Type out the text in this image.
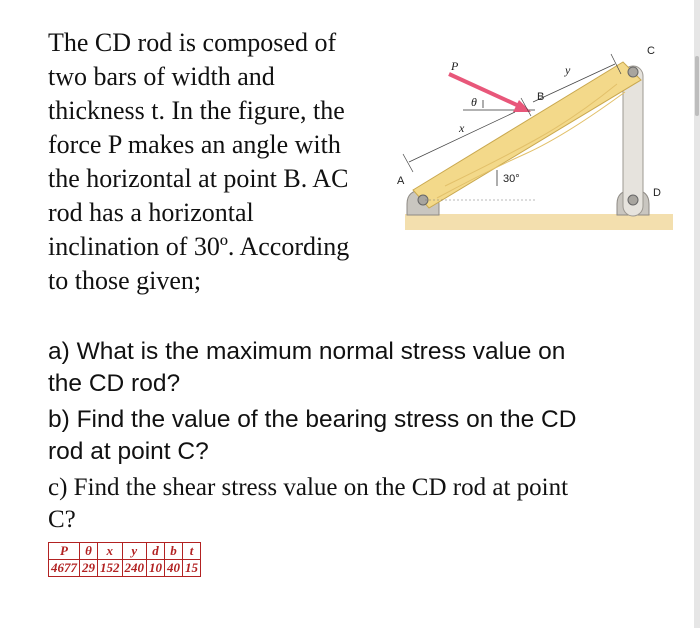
The CD rod is composed of
two bars of width and
thickness t. In the figure, the
force P makes an angle with
the horizontal at point B. AC
rod has a horizontal
inclination of 30º. According
to those given;
P
θ
x
y
A
B
C
D
30°
a) What is the maximum normal stress value on
the CD rod?
b) Find the value of the bearing stress on the CD
rod at point C?
c) Find the shear stress value on the CD rod at point
C?
P	θ	x	y	d	b	t
4677	29	152	240	10	40	15
